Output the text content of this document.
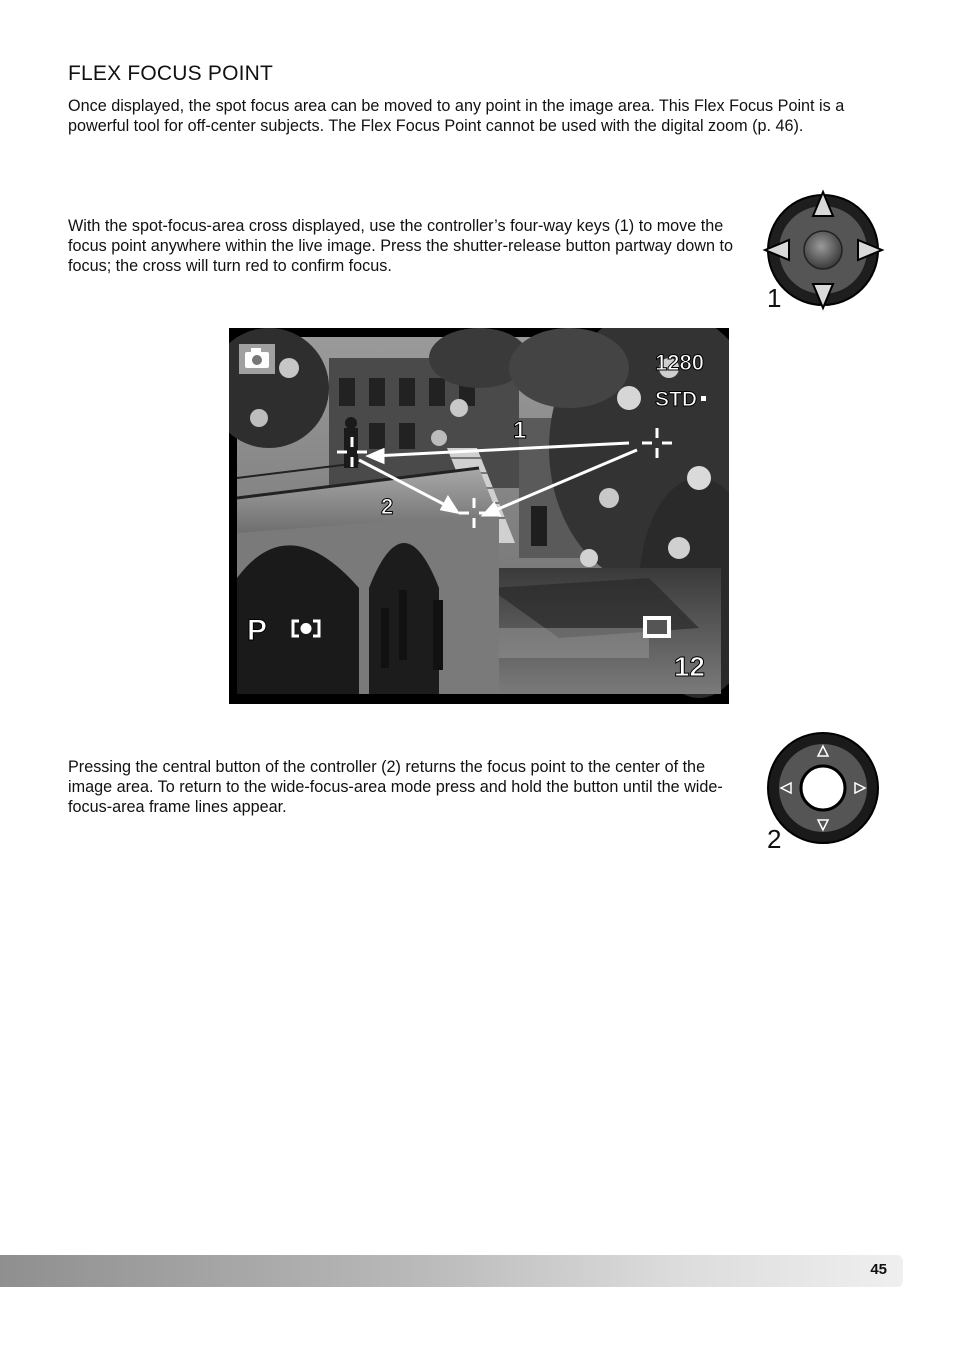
FLEX FOCUS POINT

Once displayed, the spot focus area can be moved to any point in the image area. This Flex Focus Point is a powerful tool for off-center subjects. The Flex Focus Point cannot be used with the digital zoom (p. 46).

With the spot-focus-area cross displayed, use the controller’s four-way keys (1) to move the focus point anywhere within the live image. Press the shutter-release button partway down to focus; the cross will turn red to confirm focus.

1
1
2
1280
STD
P
12

Pressing the central button of the controller (2) returns the focus point to the center of the image area. To return to the wide-focus-area mode press and hold the button until the wide-focus-area frame lines appear.

2
45
